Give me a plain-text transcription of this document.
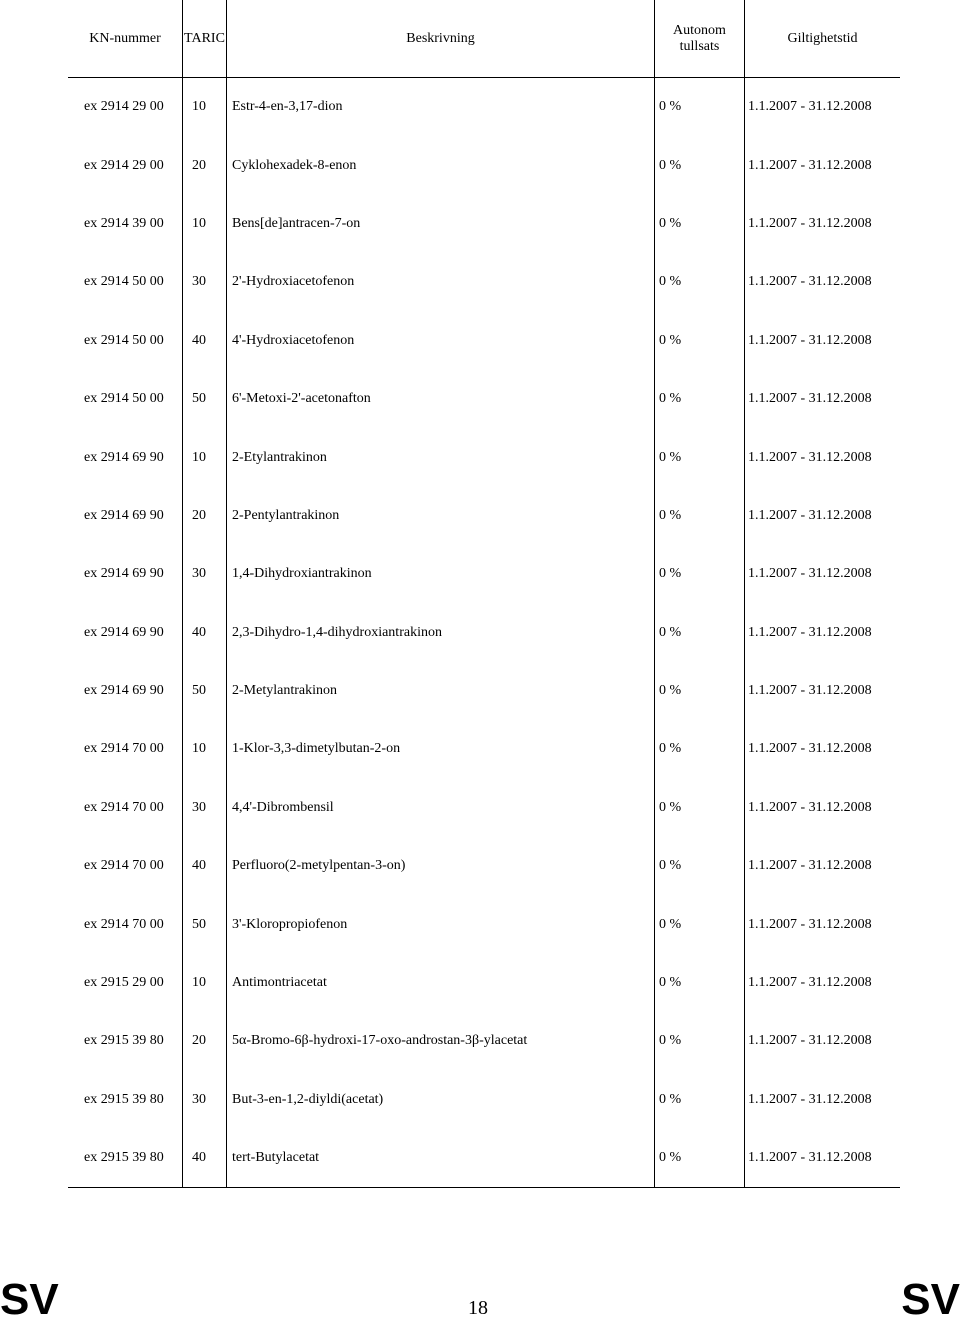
KN-nummer	TARIC	Beskrivning	Autonom tullsats	Giltighetstid
ex 2914 29 00	10	Estr-4-en-3,17-dion	0 %	1.1.2007 - 31.12.2008
ex 2914 29 00	20	Cyklohexadek-8-enon	0 %	1.1.2007 - 31.12.2008
ex 2914 39 00	10	Bens[de]antracen-7-on	0 %	1.1.2007 - 31.12.2008
ex 2914 50 00	30	2'-Hydroxiacetofenon	0 %	1.1.2007 - 31.12.2008
ex 2914 50 00	40	4'-Hydroxiacetofenon	0 %	1.1.2007 - 31.12.2008
ex 2914 50 00	50	6'-Metoxi-2'-acetonafton	0 %	1.1.2007 - 31.12.2008
ex 2914 69 90	10	2-Etylantrakinon	0 %	1.1.2007 - 31.12.2008
ex 2914 69 90	20	2-Pentylantrakinon	0 %	1.1.2007 - 31.12.2008
ex 2914 69 90	30	1,4-Dihydroxiantrakinon	0 %	1.1.2007 - 31.12.2008
ex 2914 69 90	40	2,3-Dihydro-1,4-dihydroxiantrakinon	0 %	1.1.2007 - 31.12.2008
ex 2914 69 90	50	2-Metylantrakinon	0 %	1.1.2007 - 31.12.2008
ex 2914 70 00	10	1-Klor-3,3-dimetylbutan-2-on	0 %	1.1.2007 - 31.12.2008
ex 2914 70 00	30	4,4'-Dibrombensil	0 %	1.1.2007 - 31.12.2008
ex 2914 70 00	40	Perfluoro(2-metylpentan-3-on)	0 %	1.1.2007 - 31.12.2008
ex 2914 70 00	50	3'-Kloropropiofenon	0 %	1.1.2007 - 31.12.2008
ex 2915 29 00	10	Antimontriacetat	0 %	1.1.2007 - 31.12.2008
ex 2915 39 80	20	5α-Bromo-6β-hydroxi-17-oxo-androstan-3β-ylacetat	0 %	1.1.2007 - 31.12.2008
ex 2915 39 80	30	But-3-en-1,2-diyldi(acetat)	0 %	1.1.2007 - 31.12.2008
ex 2915 39 80	40	tert-Butylacetat	0 %	1.1.2007 - 31.12.2008
SV	18	SV
